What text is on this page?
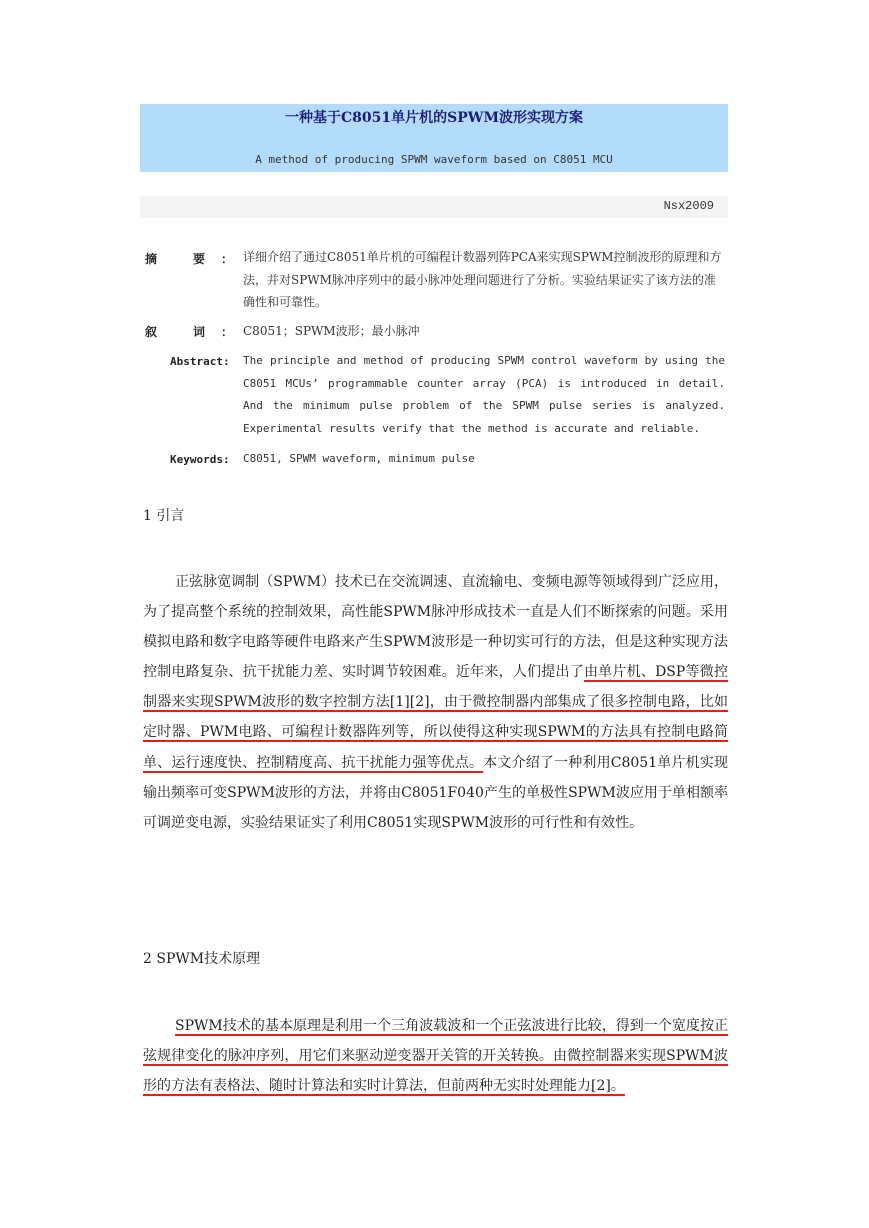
一种基于C8051单片机的SPWM波形实现方案
A method of producing SPWM waveform based on C8051 MCU
Nsx2009
摘 要： 详细介绍了通过C8051单片机的可编程计数器列阵PCA来实现SPWM控制波形的原理和方法，并对SPWM脉冲序列中的最小脉冲处理问题进行了分析。实验结果证实了该方法的准确性和可靠性。
叙 词： C8051；SPWM波形；最小脉冲
Abstract: The principle and method of producing SPWM control waveform by using the C8051 MCUs’ programmable counter array (PCA) is introduced in detail. And the minimum pulse problem of the SPWM pulse series is analyzed. Experimental results verify that the method is accurate and reliable.
Keywords: C8051, SPWM waveform, minimum pulse
1 引言
正弦脉宽调制（SPWM）技术已在交流调速、直流输电、变频电源等领域得到广泛应用，为了提高整个系统的控制效果，高性能SPWM脉冲形成技术一直是人们不断探索的问题。采用模拟电路和数字电路等硬件电路来产生SPWM波形是一种切实可行的方法，但是这种实现方法控制电路复杂、抗干扰能力差、实时调节较困难。近年来，人们提出了由单片机、DSP等微控制器来实现SPWM波形的数字控制方法[1][2]，由于微控制器内部集成了很多控制电路，比如定时器、PWM电路、可编程计数器阵列等，所以使得这种实现SPWM的方法具有控制电路简单、运行速度快、控制精度高、抗干扰能力强等优点。本文介绍了一种利用C8051单片机实现输出频率可变SPWM波形的方法，并将由C8051F040产生的单极性SPWM波应用于单相额率可调逆变电源，实验结果证实了利用C8051实现SPWM波形的可行性和有效性。
2 SPWM技术原理
SPWM技术的基本原理是利用一个三角波载波和一个正弦波进行比较，得到一个宽度按正弦规律变化的脉冲序列，用它们来驱动逆变器开关管的开关转换。由微控制器来实现SPWM波形的方法有表格法、随时计算法和实时计算法，但前两种无实时处理能力[2]。
